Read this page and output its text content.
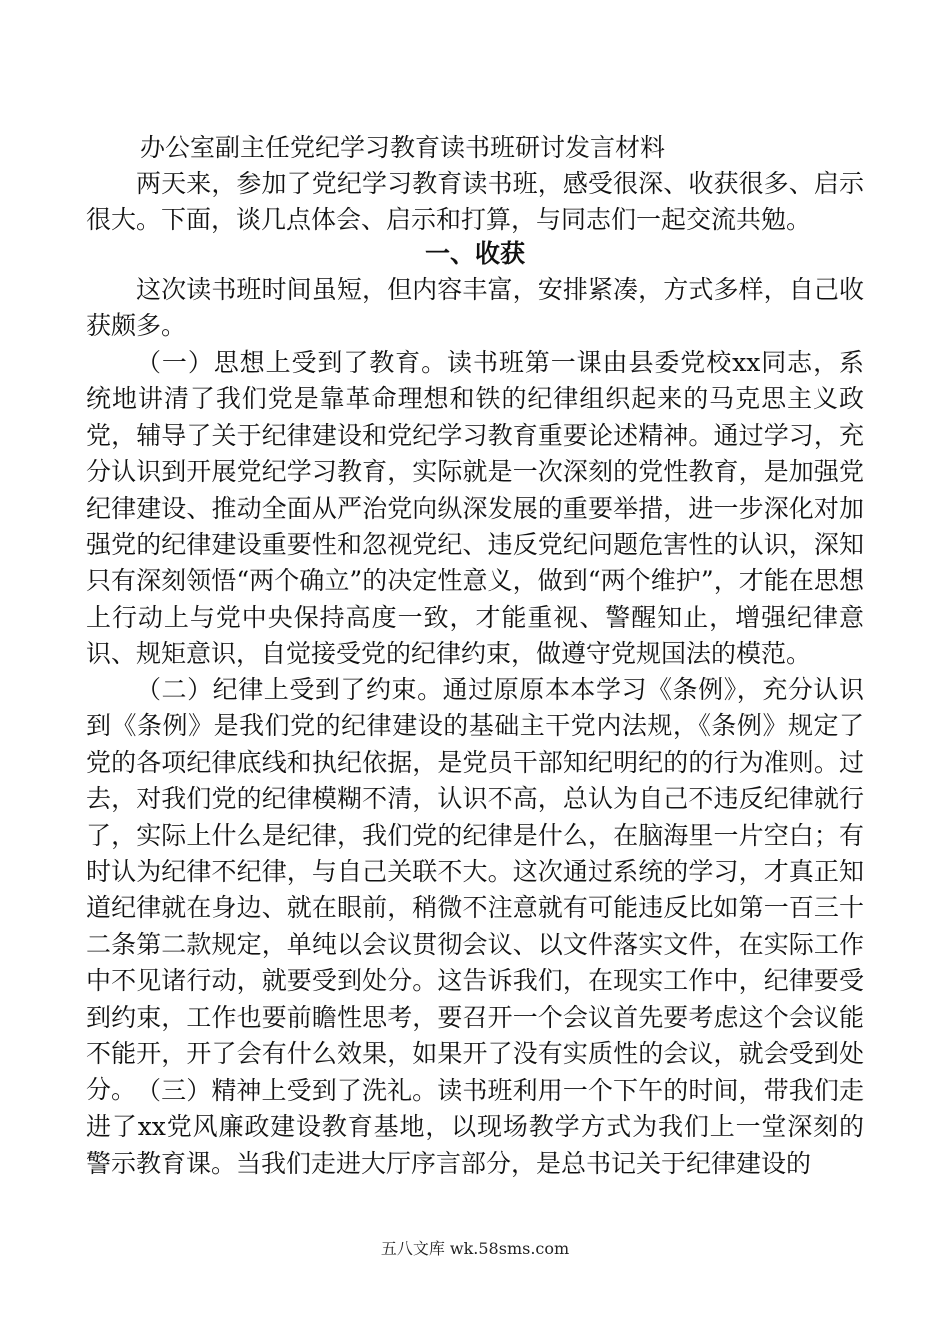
办公室副主任党纪学习教育读书班研讨发言材料

两天来，参加了党纪学习教育读书班，感受很深、收获很多、启示很大。下面，谈几点体会、启示和打算，与同志们一起交流共勉。

一、收获

这次读书班时间虽短，但内容丰富，安排紧凑，方式多样，自己收获颇多。

（一）思想上受到了教育。读书班第一课由县委党校xx同志，系统地讲清了我们党是靠革命理想和铁的纪律组织起来的马克思主义政党，辅导了关于纪律建设和党纪学习教育重要论述精神。通过学习，充分认识到开展党纪学习教育，实际就是一次深刻的党性教育，是加强党纪律建设、推动全面从严治党向纵深发展的重要举措，进一步深化对加强党的纪律建设重要性和忽视党纪、违反党纪问题危害性的认识，深知只有深刻领悟“两个确立”的决定性意义，做到“两个维护”，才能在思想上行动上与党中央保持高度一致，才能重视、警醒知止，增强纪律意识、规矩意识，自觉接受党的纪律约束，做遵守党规国法的模范。

（二）纪律上受到了约束。通过原原本本学习《条例》，充分认识到《条例》是我们党的纪律建设的基础主干党内法规，《条例》规定了党的各项纪律底线和执纪依据，是党员干部知纪明纪的的行为准则。过去，对我们党的纪律模糊不清，认识不高，总认为自己不违反纪律就行了，实际上什么是纪律，我们党的纪律是什么，在脑海里一片空白；有时认为纪律不纪律，与自己关联不大。这次通过系统的学习，才真正知道纪律就在身边、就在眼前，稍微不注意就有可能违反比如第一百三十二条第二款规定，单纯以会议贯彻会议、以文件落实文件，在实际工作中不见诸行动，就要受到处分。这告诉我们，在现实工作中，纪律要受到约束，工作也要前瞻性思考，要召开一个会议首先要考虑这个会议能不能开，开了会有什么效果，如果开了没有实质性的会议，就会受到处分。 （三）精神上受到了洗礼。读书班利用一个下午的时间，带我们走进了xx党风廉政建设教育基地，以现场教学方式为我们上一堂深刻的警示教育课。当我们走进大厅序言部分，是总书记关于纪律建设的

五八文库 wk.58sms.com
